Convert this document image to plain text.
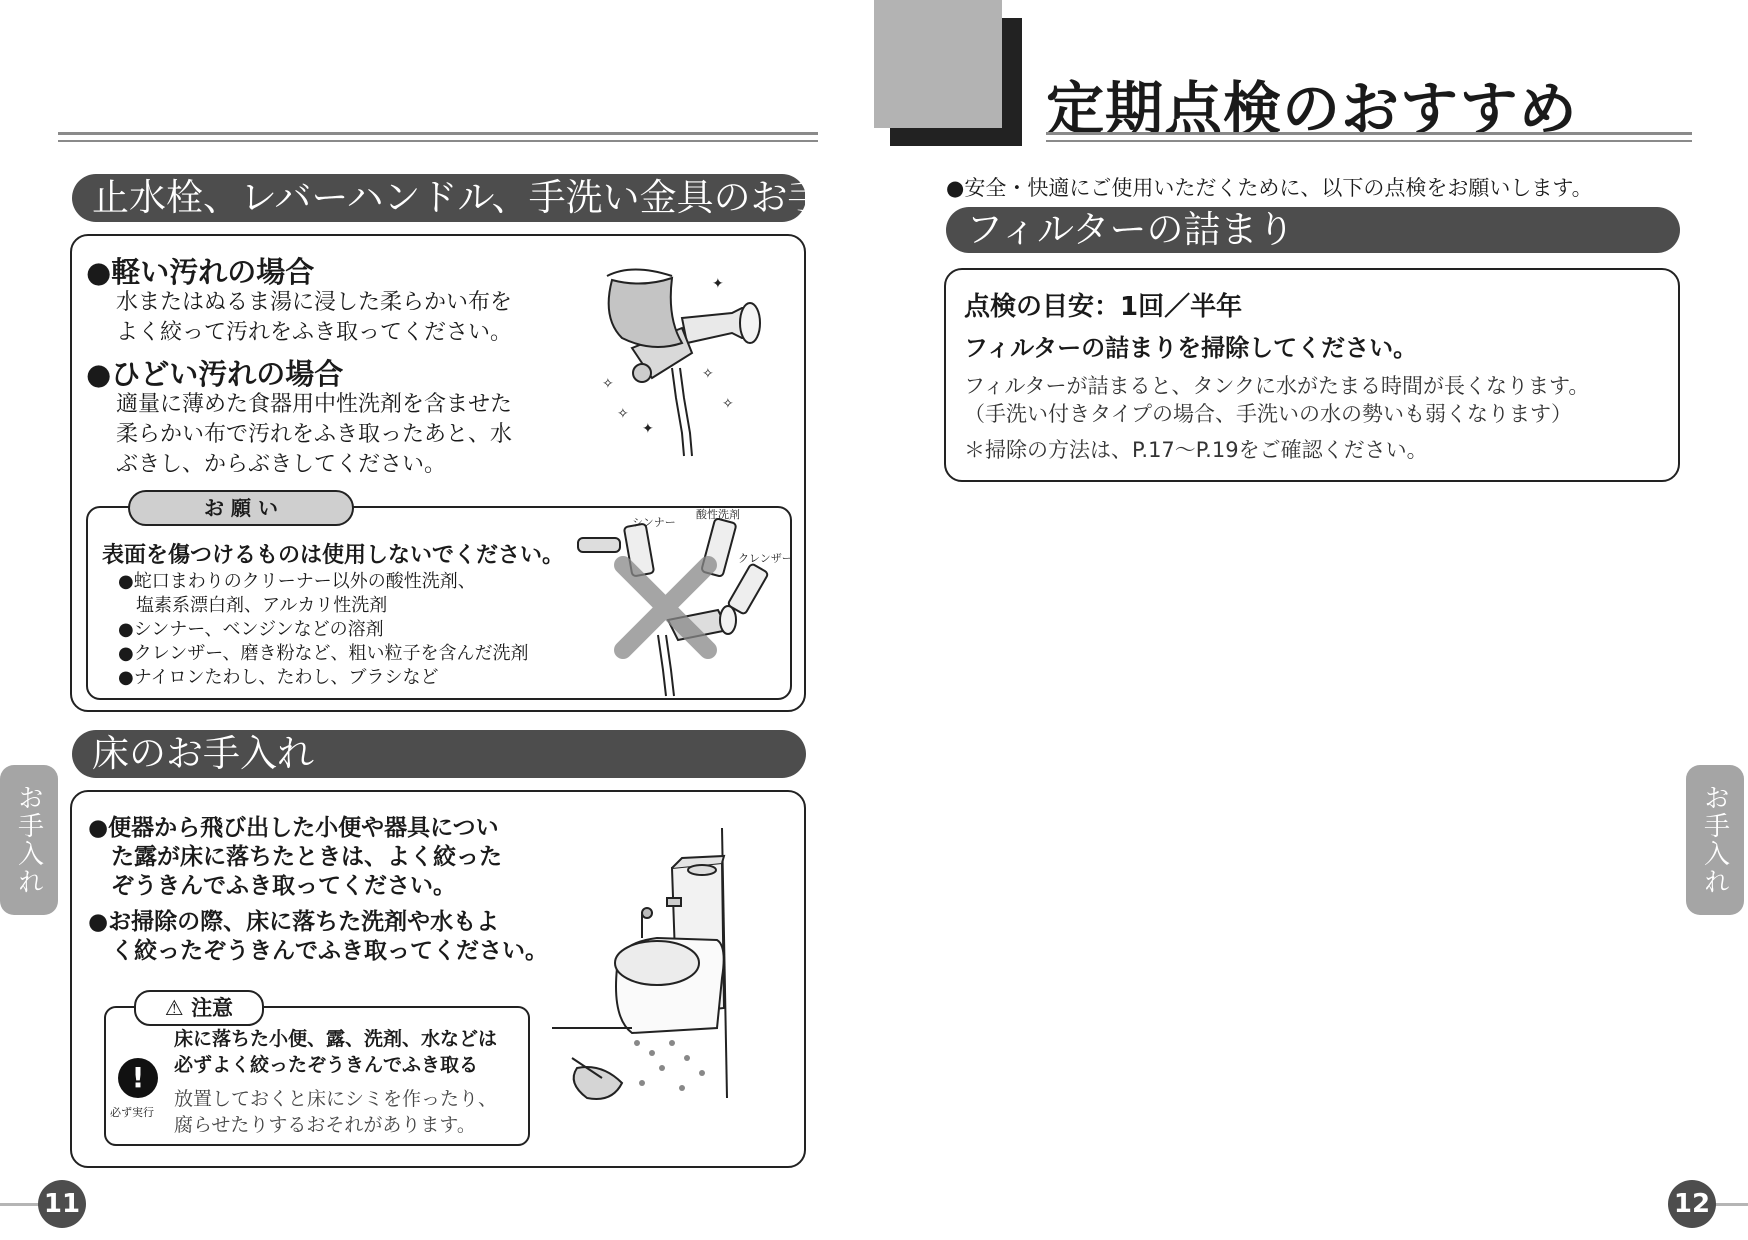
止水栓、レバーハンドル、手洗い金具のお手入れ
●軽い汚れの場合
水またはぬるま湯に浸した柔らかい布を
よく絞って汚れをふき取ってください。
●ひどい汚れの場合
適量に薄めた食器用中性洗剤を含ませた
柔らかい布で汚れをふき取ったあと、水
ぶきし、からぶきしてください。
✦
✧
✧
✧
✦
✧
お 願 い
表面を傷つけるものは使用しないでください。
●蛇口まわりのクリーナー以外の酸性洗剤、
　塩素系漂白剤、アルカリ性洗剤
●シンナー、ベンジンなどの溶剤
●クレンザー、磨き粉など、粗い粒子を含んだ洗剤
●ナイロンたわし、たわし、ブラシなど
シンナー
酸性洗剤
クレンザー
床のお手入れ
●便器から飛び出した小便や器具につい
　た露が床に落ちたときは、よく絞った
　ぞうきんでふき取ってください。
●お掃除の際、床に落ちた洗剤や水もよ
　く絞ったぞうきんでふき取ってください。
⚠ 注意
!
必ず実行
床に落ちた小便、露、洗剤、水などは
必ずよく絞ったぞうきんでふき取る
放置しておくと床にシミを作ったり、
腐らせたりするおそれがあります。
お手入れ
11
定期点検のおすすめ
●安全・快適にご使用いただくために、以下の点検をお願いします。
フィルターの詰まり
点検の目安：1回／半年
フィルターの詰まりを掃除してください。
フィルターが詰まると、タンクに水がたまる時間が長くなります。
（手洗い付きタイプの場合、手洗いの水の勢いも弱くなります）
＊掃除の方法は、P.17～P.19をご確認ください。
お手入れ
12
